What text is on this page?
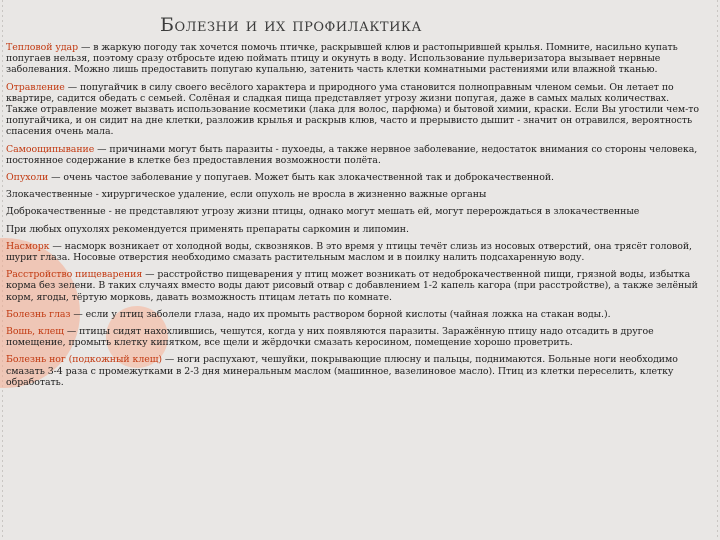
Болезни и их профилактика

Тепловой удар — в жаркую погоду так хочется помочь птичке, раскрывшей клюв и растопырившей крылья. Помните, насильно купать попугаев нельзя, поэтому сразу отбросьте идею поймать птицу и окунуть в воду. Использование пульверизатора вызывает нервные заболевания. Можно лишь предоставить попугаю купальню, затенить часть клетки комнатными растениями или влажной тканью.

Отравление — попугайчик в силу своего весёлого характера и природного ума становится полноправным членом семьи. Он летает по квартире, садится обедать с семьей. Солёная и сладкая пища представляет угрозу жизни попугая, даже в самых малых количествах. Также отравление может вызвать использование косметики (лака для волос, парфюма) и бытовой химии, краски. Если Вы угостили чем-то попугайчика, и он сидит на дне клетки, разложив крылья и раскрыв клюв, часто и прерывисто дышит - значит он отравился, вероятность спасения очень мала.

Самоощипывание — причинами могут быть паразиты - пухоеды, а также нервное заболевание, недостаток внимания со стороны человека, постоянное содержание в клетке без предоставления возможности полёта.

Опухоли — очень частое заболевание у попугаев. Может быть как злокачественной так и доброкачественной.

Злокачественные - хирургическое удаление, если опухоль не вросла в жизненно важные органы

Доброкачественные - не представляют угрозу жизни птицы, однако могут мешать ей, могут перерождаться в злокачественные

При любых опухолях рекомендуется применять препараты саркомин и липомин.

Насморк — насморк возникает от холодной воды, сквозняков. В это время у птицы течёт слизь из носовых отверстий, она трясёт головой, шурит глаза. Носовые отверстия необходимо смазать растительным маслом и в поилку налить подсахаренную воду.

Расстройство пищеварения — расстройство пищеварения у птиц может возникать от недоброкачественной пищи, грязной воды, избытка корма без зелени. В таких случаях вместо воды дают рисовый отвар с добавлением 1-2 капель кагора (при расстройстве), а также зелёный корм, ягоды, тёртую морковь, давать возможность птицам летать по комнате.

Болезнь глаз — если у птиц заболели глаза, надо их промыть раствором борной кислоты (чайная ложка на стакан воды.).

Вошь, клещ — птицы сидят нахохлившись, чешутся, когда у них появляются паразиты. Заражённую птицу надо отсадить в другое помещение, промыть клетку кипятком, все щели и жёрдочки смазать керосином, помещение хорошо проветрить.

Болезнь ног (подкожный клещ) — ноги распухают, чешуйки, покрывающие плюсну и пальцы, поднимаются. Больные ноги необходимо смазать 3-4 раза с промежутками в 2-3 дня минеральным маслом (машинное, вазелиновое масло). Птиц из клетки переселить, клетку обработать.
